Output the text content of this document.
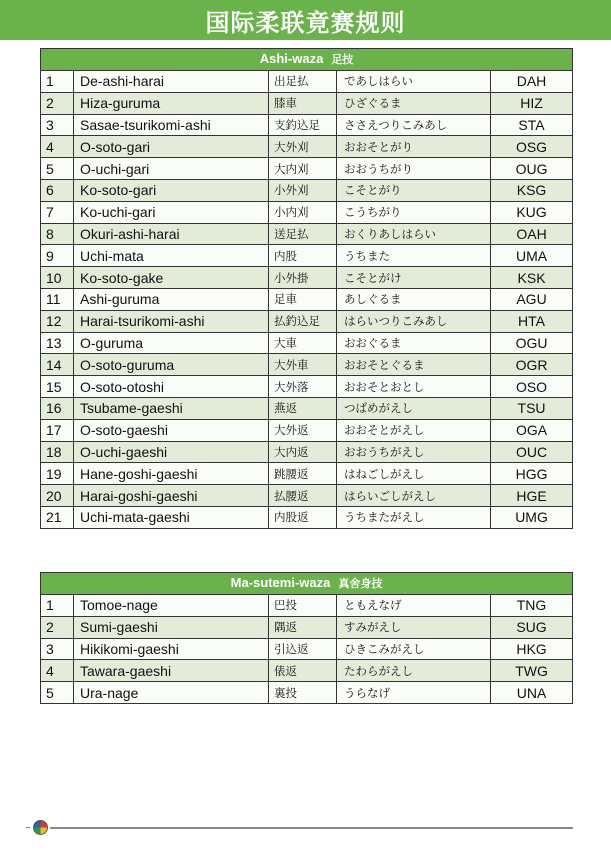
国际柔联竟赛规则
Ashi-waza 足技				
1	De-ashi-harai	出足払	であしはらい	DAH
2	Hiza-guruma	膝車	ひざぐるま	HIZ
3	Sasae-tsurikomi-ashi	支釣込足	ささえつりこみあし	STA
4	O-soto-gari	大外刈	おおそとがり	OSG
5	O-uchi-gari	大内刈	おおうちがり	OUG
6	Ko-soto-gari	小外刈	こそとがり	KSG
7	Ko-uchi-gari	小内刈	こうちがり	KUG
8	Okuri-ashi-harai	送足払	おくりあしはらい	OAH
9	Uchi-mata	内股	うちまた	UMA
10	Ko-soto-gake	小外掛	こそとがけ	KSK
11	Ashi-guruma	足車	あしぐるま	AGU
12	Harai-tsurikomi-ashi	払釣込足	はらいつりこみあし	HTA
13	O-guruma	大車	おおぐるま	OGU
14	O-soto-guruma	大外車	おおそとぐるま	OGR
15	O-soto-otoshi	大外落	おおそとおとし	OSO
16	Tsubame-gaeshi	燕返	つばめがえし	TSU
17	O-soto-gaeshi	大外返	おおそとがえし	OGA
18	O-uchi-gaeshi	大内返	おおうちがえし	OUC
19	Hane-goshi-gaeshi	跳腰返	はねごしがえし	HGG
20	Harai-goshi-gaeshi	払腰返	はらいごしがえし	HGE
21	Uchi-mata-gaeshi	内股返	うちまたがえし	UMG
Ma-sutemi-waza 真舍身技				
1	Tomoe-nage	巴投	ともえなげ	TNG
2	Sumi-gaeshi	隅返	すみがえし	SUG
3	Hikikomi-gaeshi	引込返	ひきこみがえし	HKG
4	Tawara-gaeshi	俵返	たわらがえし	TWG
5	Ura-nage	裏投	うらなげ	UNA
